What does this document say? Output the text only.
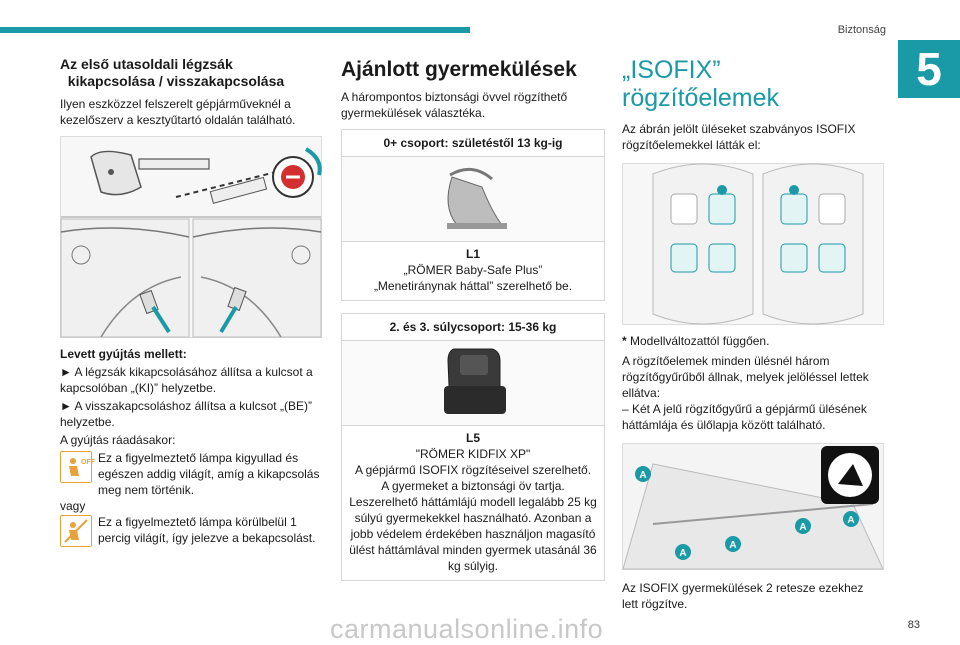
Biztonság
5
Az első utasoldali légzsák
kikapcsolása / visszakapcsolása

Ilyen eszközzel felszerelt gépjárműveknél a kezelőszerv a kesztyűtartó oldalán található.

Levett gyújtás mellett:

► A légzsák kikapcsolásához állítsa a kulcsot a kapcsolóban „(KI)” helyzetbe.

► A visszakapcsoláshoz állítsa a kulcsot „(BE)” helyzetbe.

A gyújtás ráadásakor:

OFF Ez a figyelmeztető lámpa kigyullad és egészen addig világít, amíg a kikapcsolás meg nem történik.

vagy

Ez a figyelmeztető lámpa körülbelül 1 percig világít, így jelezve a bekapcsolást.
Ajánlott gyermekülések

A hárompontos biztonsági övvel rögzíthető gyermekülések választéka.

0+ csoport: születéstől 13 kg-ig
L1
„RÖMER Baby-Safe Plus”
„Menetiránynak háttal” szerelhető be.
2. és 3. súlycsoport: 15-36 kg
L5
"RÖMER KIDFIX XP"
A gépjármű ISOFIX rögzítéseivel szerelhető.
A gyermeket a biztonsági öv tartja.
Leszerelhető háttámlájú modell legalább 25 kg súlyú gyermekekkel használható. Azonban a jobb védelem érdekében használjon magasító ülést háttámlával minden gyermek utasánál 36 kg súlyig.
„ISOFIX” rögzítőelemek

Az ábrán jelölt üléseket szabványos ISOFIX rögzítőelemekkel látták el:

* Modellváltozattól függően.

A rögzítőelemek minden ülésnél három rögzítőgyűrűből állnak, melyek jelöléssel lettek ellátva:

– Két A jelű rögzítőgyűrű a gépjármű ülésének háttámlája és ülőlapja között található.

A
A
A
A
A

Az ISOFIX gyermekülések 2 retesze ezekhez lett rögzítve.

carmanualsonline.info	83
